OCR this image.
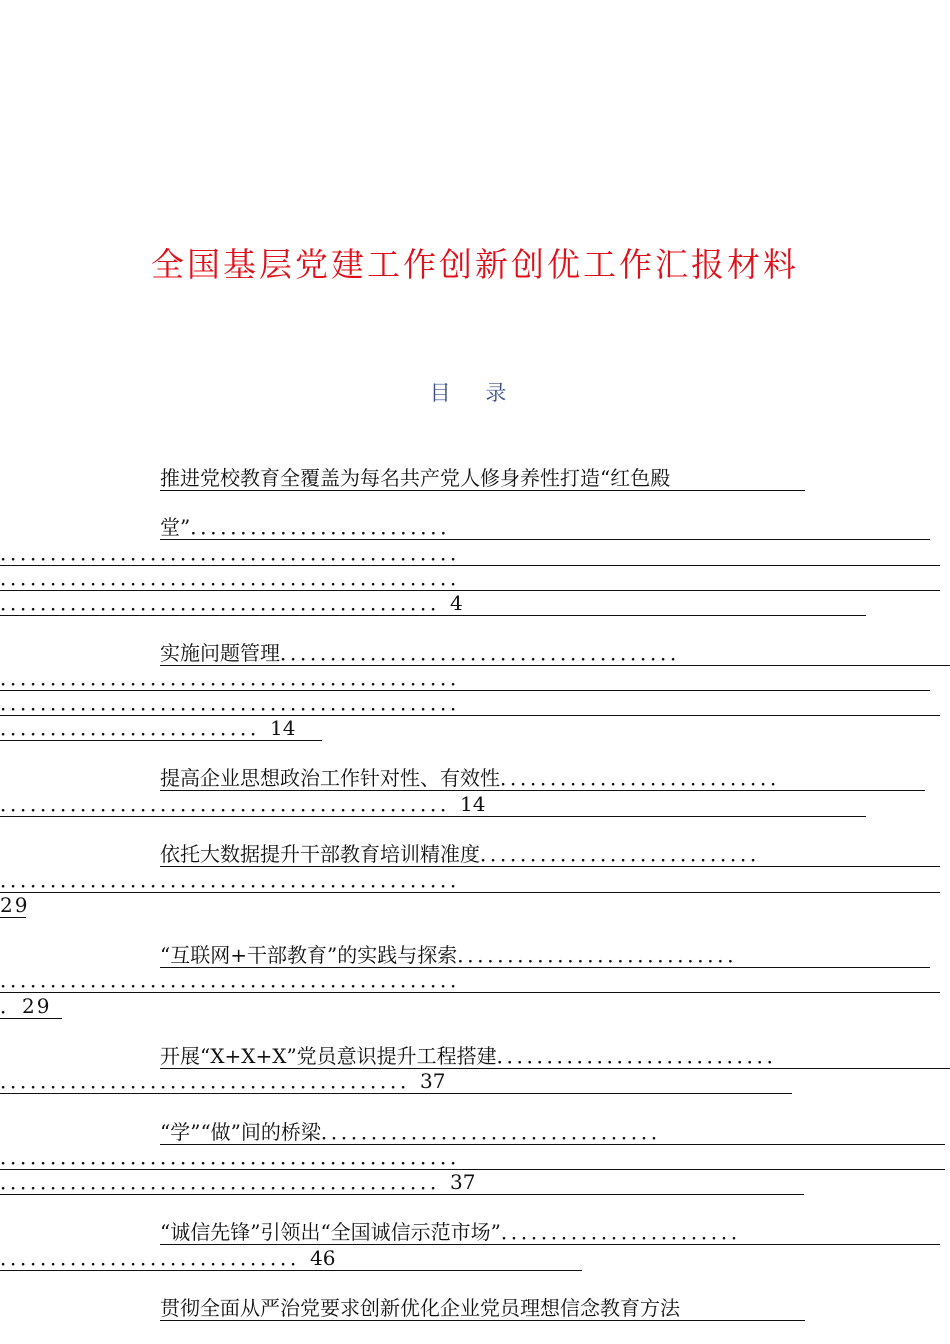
全国基层党建工作创新创优工作汇报材料
目 录
推进党校教育全覆盖为每名共产党人修身养性打造“红色殿
堂”．．．．．．．．．．．．．．．．．．．．．．．．．．
．．．．．．．．．．．．．．．．．．．．．．．．．．．．．．．．．．．．．．．．．．．．．．
．．．．．．．．．．．．．．．．．．．．．．．．．．．．．．．．．．．．．．．．．．．．．．
．．．．．．．．．．．．．．．．．．．．．．．．．．．．．．．．．．．．．．．．．．．．4
实施问题管理．．．．．．．．．．．．．．．．．．．．．．．．．．．．．．．．．．．．．．．．
．．．．．．．．．．．．．．．．．．．．．．．．．．．．．．．．．．．．．．．．．．．．．．
．．．．．．．．．．．．．．．．．．．．．．．．．．．．．．．．．．．．．．．．．．．．．．
．．．．．．．．．．．．．．．．．．．．．．．．．．14
提高企业思想政治工作针对性、有效性．．．．．．．．．．．．．．．．．．．．．．．．．．．．
．．．．．．．．．．．．．．．．．．．．．．．．．．．．．．．．．．．．．．．．．．．．．14
依托大数据提升干部教育培训精准度．．．．．．．．．．．．．．．．．．．．．．．．．．．．
．．．．．．．．．．．．．．．．．．．．．．．．．．．．．．．．．．．．．．．．．．．．．．
29
“互联网+干部教育”的实践与探索．．．．．．．．．．．．．．．．．．．．．．．．．．．．
．．．．．．．．．．．．．．．．．．．．．．．．．．．．．．．．．．．．．．．．．．．．．．
．29
开展“X+X+X”党员意识提升工程搭建．．．．．．．．．．．．．．．．．．．．．．．．．．．．
．．．．．．．．．．．．．．．．．．．．．．．．．．．．．．．．．．．．．．．．．37
“学”“做”间的桥梁．．．．．．．．．．．．．．．．．．．．．．．．．．．．．．．．．．
．．．．．．．．．．．．．．．．．．．．．．．．．．．．．．．．．．．．．．．．．．．．．．
．．．．．．．．．．．．．．．．．．．．．．．．．．．．．．．．．．．．．．．．．．．．37
“诚信先锋”引领出“全国诚信示范市场”．．．．．．．．．．．．．．．．．．．．．．．．
．．．．．．．．．．．．．．．．．．．．．．．．．．．．．．46
贯彻全面从严治党要求创新优化企业党员理想信念教育方法
